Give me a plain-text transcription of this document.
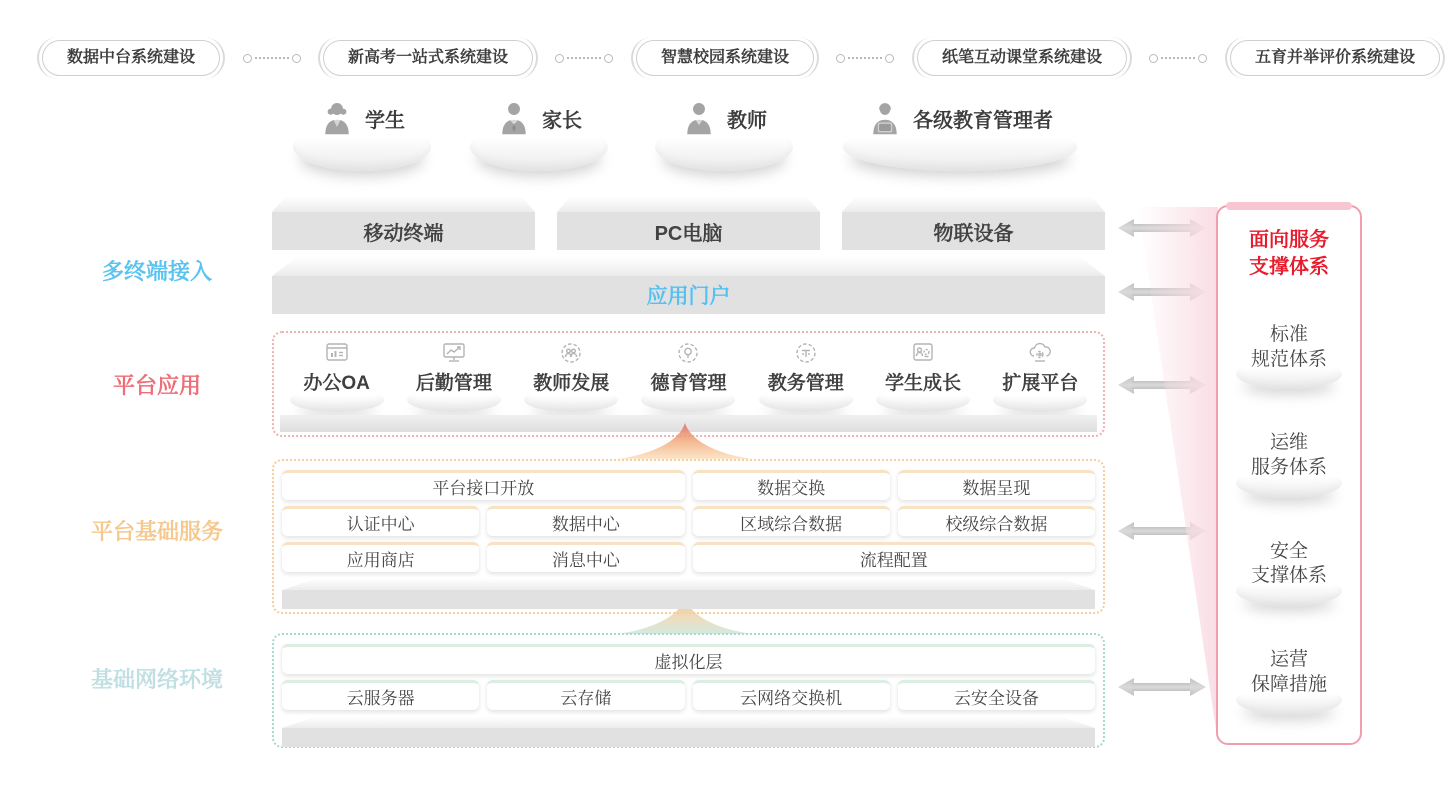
数据中台系统建设	新高考一站式系统建设	智慧校园系统建设	纸笔互动课堂系统建设	五育并举评价系统建设
学生	家长	教师	各级教育管理者
多终端接入
平台应用
平台基础服务
基础网络环境
移动终端	PC电脑	物联设备
应用门户
办公OA 后勤管理 教师发展 德育管理 教务管理 学生成长 扩展平台
平台接口开放	数据交换	数据呈现
认证中心	数据中心	区域综合数据	校级综合数据
应用商店	消息中心	流程配置
虚拟化层
云服务器	云存储	云网络交换机	云安全设备
面向服务
支撑体系
标准
规范体系
运维
服务体系
安全
支撑体系
运营
保障措施
